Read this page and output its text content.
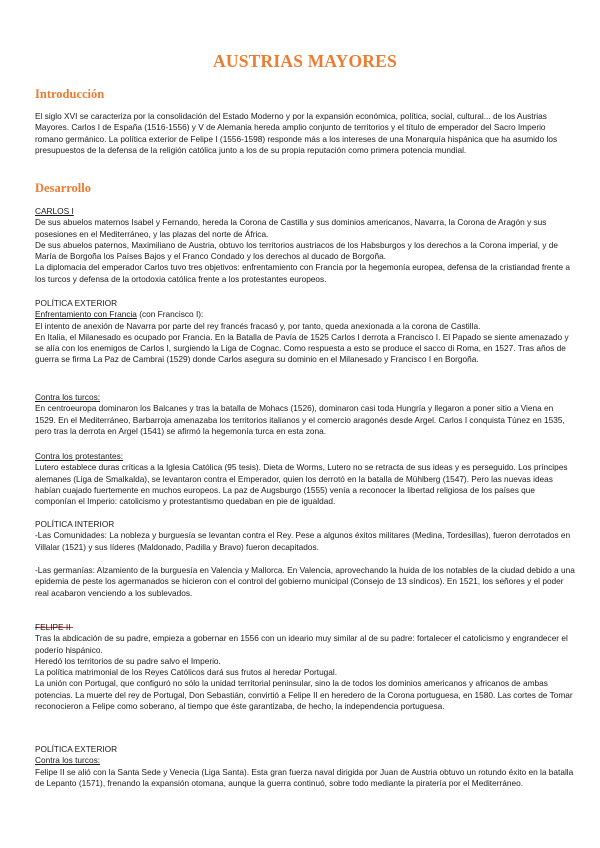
AUSTRIAS MAYORES
Introducción

El siglo XVI se caracteriza por la consolidación del Estado Moderno y por la expansión económica, política, social, cultural... de los Austrias Mayores. Carlos I de España (1516-1556) y V de Alemania hereda amplio conjunto de territorios y el título de emperador del Sacro Imperio romano germánico. La política exterior de Felipe I (1556-1598) responde más a los intereses de una Monarquía hispánica que ha asumido los presupuestos de la defensa de la religión católica junto a los de su propia reputación como primera potencia mundial.

Desarrollo

CARLOS I

De sus abuelos maternos Isabel y Fernando, hereda la Corona de Castilla y sus dominios americanos, Navarra, la Corona de Aragón y sus posesiones en el Mediterráneo, y las plazas del norte de África.

De sus abuelos paternos, Maximiliano de Austria, obtuvo los territorios austriacos de los Habsburgos y los derechos a la Corona imperial, y de María de Borgoña los Países Bajos y el Franco Condado y los derechos al ducado de Borgoña.

La diplomacia del emperador Carlos tuvo tres objetivos: enfrentamiento con Francia por la hegemonía europea, defensa de la cristiandad frente a los turcos y defensa de la ortodoxia católica frente a los protestantes europeos.

POLÍTICA EXTERIOR

Enfrentamiento con Francia (con Francisco I):

El intento de anexión de Navarra por parte del rey francés fracasó y, por tanto, queda anexionada a la corona de Castilla.

En Italia, el Milanesado es ocupado por Francia. En la Batalla de Pavía de 1525 Carlos I derrota a Francisco I. El Papado se siente amenazado y se alía con los enemigos de Carlos I, surgiendo la Liga de Cognac. Como respuesta a esto se produce el sacco di Roma, en 1527. Tras años de guerra se firma La Paz de Cambrai (1529) donde Carlos asegura su dominio en el Milanesado y Francisco I en Borgoña.

Contra los turcos:

En centroeuropa dominaron los Balcanes y tras la batalla de Mohacs (1526), dominaron casi toda Hungría y llegaron a poner sitio a Viena en 1529. En el Mediterráneo, Barbarroja amenazaba los territorios italianos y el comercio aragonés desde Argel. Carlos I conquista Túnez en 1535, pero tras la derrota en Argel (1541) se afirmó la hegemonía turca en esta zona.

Contra los protestantes:

Lutero establece duras críticas a la Iglesia Católica (95 tesis). Dieta de Worms, Lutero no se retracta de sus ideas y es perseguido. Los príncipes alemanes (Liga de Smalkalda), se levantaron contra el Emperador, quien los derrotó en la batalla de Mühlberg (1547). Pero las nuevas ideas habían cuajado fuertemente en muchos europeos. La paz de Augsburgo (1555) venía a reconocer la libertad religiosa de los países que componían el Imperio: catolicismo y protestantismo quedaban en pie de igualdad.

POLÍTICA INTERIOR

-Las Comunidades: La nobleza y burguesía se levantan contra el Rey. Pese a algunos éxitos militares (Medina, Tordesillas), fueron derrotados en Villalar (1521) y sus líderes (Maldonado, Padilla y Bravo) fueron decapitados.

-Las germanías: Alzamiento de la burguesía en Valencia y Mallorca. En Valencia, aprovechando la huida de los notables de la ciudad debido a una epidemia de peste los agermanados se hicieron con el control del gobierno municipal (Consejo de 13 síndicos). En 1521, los señores y el poder real acabaron venciendo a los sublevados.

FELIPE II

Tras la abdicación de su padre, empieza a gobernar en 1556 con un ideario muy similar al de su padre: fortalecer el catolicismo y engrandecer el poderío hispánico.

Heredó los territorios de su padre salvo el Imperio.

La política matrimonial de los Reyes Católicos dará sus frutos al heredar Portugal.

La unión con Portugal, que configuró no sólo la unidad territorial peninsular, sino la de todos los dominios americanos y africanos de ambas potencias. La muerte del rey de Portugal, Don Sebastián, convirtió a Felipe II en heredero de la Corona portuguesa, en 1580. Las cortes de Tomar reconocieron a Felipe como soberano, al tiempo que éste garantizaba, de hecho, la independencia portuguesa.

POLÍTICA EXTERIOR

Contra los turcos:

Felipe II se alió con la Santa Sede y Venecia (Liga Santa). Esta gran fuerza naval dirigida por Juan de Austria obtuvo un rotundo éxito en la batalla de Lepanto (1571), frenando la expansión otomana, aunque la guerra continuó, sobre todo mediante la piratería por el Mediterráneo.
